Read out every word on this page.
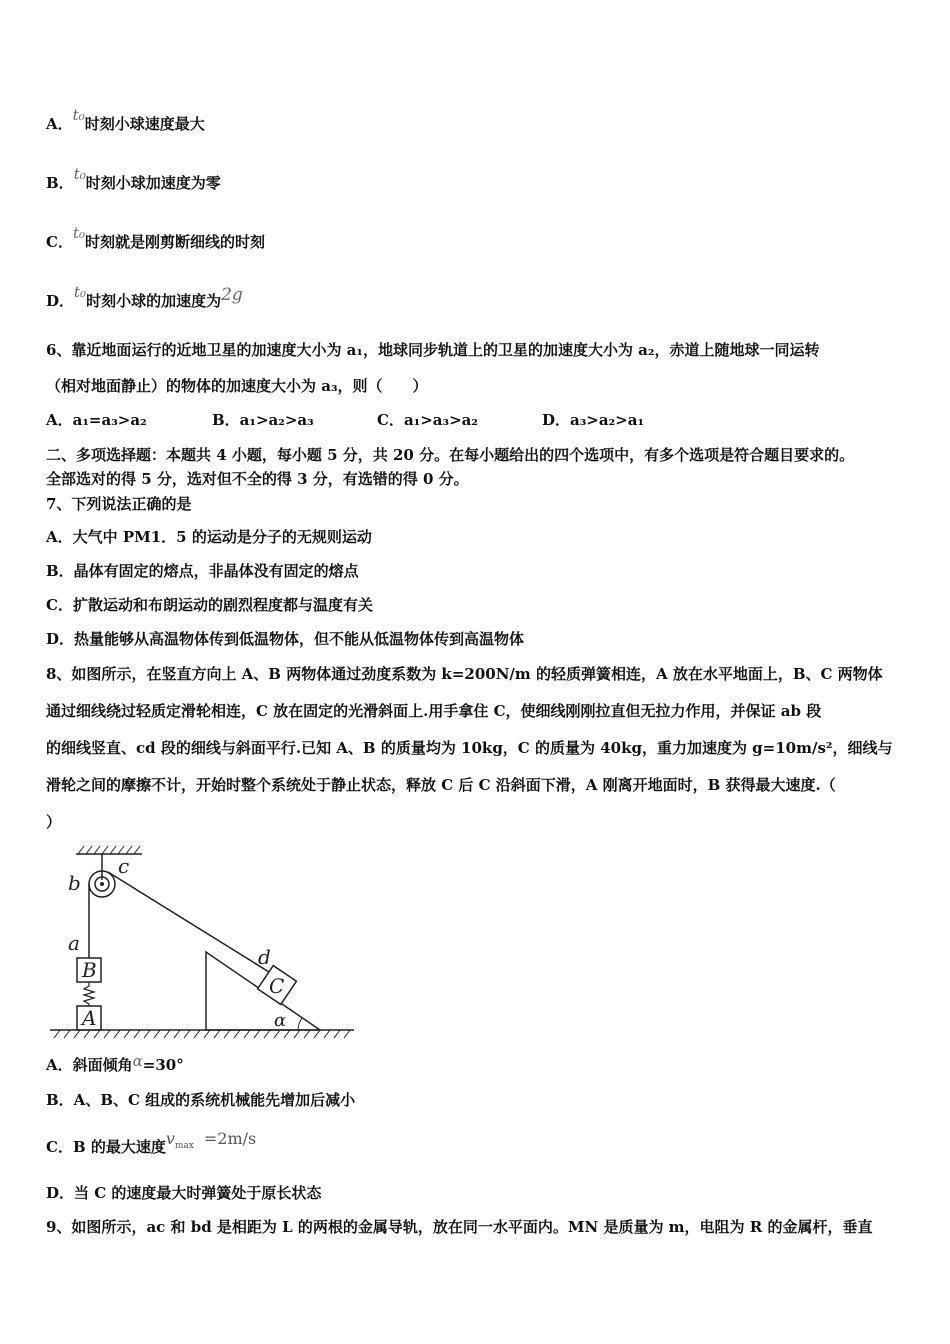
A．t₀时刻小球速度最大
B．t₀时刻小球加速度为零
C．t₀时刻就是刚剪断细线的时刻
D．t₀时刻小球的加速度为2g
6、靠近地面运行的近地卫星的加速度大小为 a₁，地球同步轨道上的卫星的加速度大小为 a₂，赤道上随地球一同运转
（相对地面静止）的物体的加速度大小为 a₃，则（　　）
A．a₁=a₃>a₂	B．a₁>a₂>a₃	C．a₁>a₃>a₂	D．a₃>a₂>a₁
二、多项选择题：本题共 4 小题，每小题 5 分，共 20 分。在每小题给出的四个选项中，有多个选项是符合题目要求的。
全部选对的得 5 分，选对但不全的得 3 分，有选错的得 0 分。
7、下列说法正确的是
A．大气中 PM1．5 的运动是分子的无规则运动
B．晶体有固定的熔点，非晶体没有固定的熔点
C．扩散运动和布朗运动的剧烈程度都与温度有关
D．热量能够从高温物体传到低温物体，但不能从低温物体传到高温物体
8、如图所示，在竖直方向上 A、B 两物体通过劲度系数为 k=200N/m 的轻质弹簧相连，A 放在水平地面上，B、C 两物体
通过细线绕过轻质定滑轮相连，C 放在固定的光滑斜面上.用手拿住 C，使细线刚刚拉直但无拉力作用，并保证 ab 段
的细线竖直、cd 段的细线与斜面平行.已知 A、B 的质量均为 10kg，C 的质量为 40kg，重力加速度为 g=10m/s²，细线与
滑轮之间的摩擦不计，开始时整个系统处于静止状态，释放 C 后 C 沿斜面下滑，A 刚离开地面时，B 获得最大速度.（
）
b
c
a
B
A
d
C
α
A．斜面倾角α=30°
B．A、B、C 组成的系统机械能先增加后减小
C．B 的最大速度$v_{max} =2m/s$
D．当 C 的速度最大时弹簧处于原长状态
9、如图所示，ac 和 bd 是相距为 L 的两根的金属导轨，放在同一水平面内。MN 是质量为 m，电阻为 R 的金属杆，垂直
